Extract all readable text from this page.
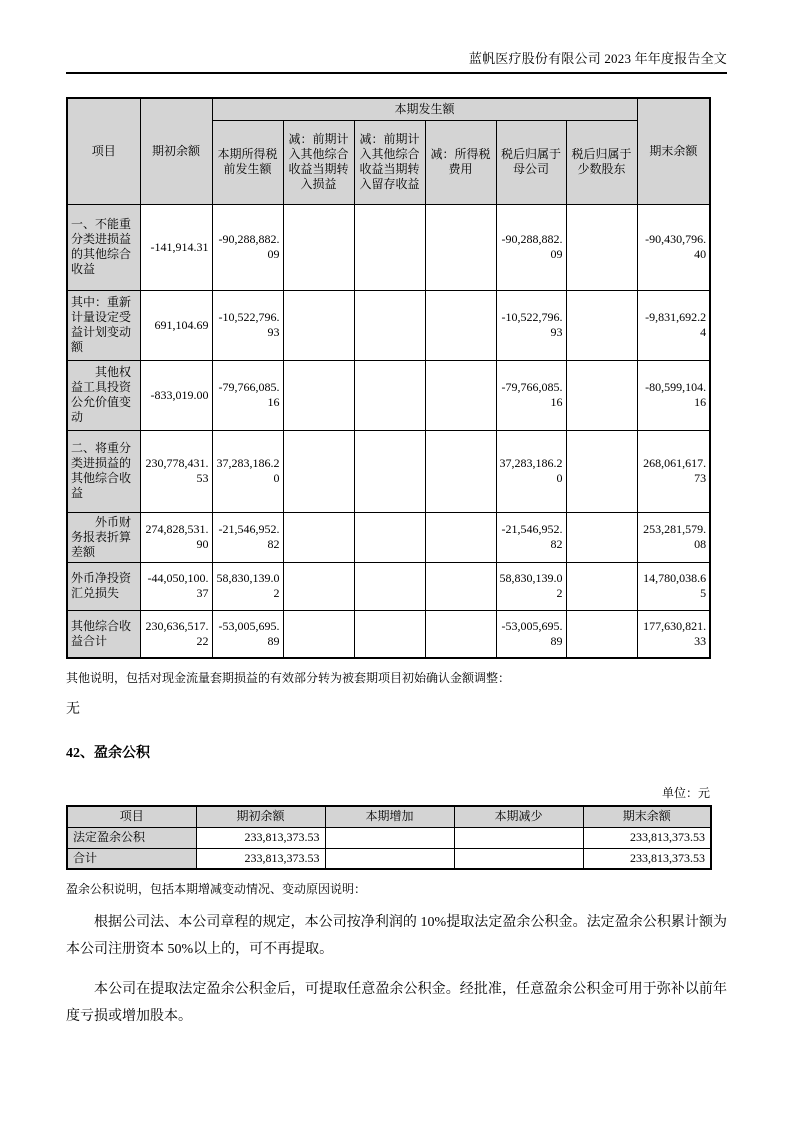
蓝帆医疗股份有限公司 2023 年年度报告全文
项目	期初余额	本期发生额						期末余额
		本期所得税前发生额	减：前期计入其他综合收益当期转入损益	减：前期计入其他综合收益当期转入留存收益	减：所得税费用	税后归属于母公司	税后归属于少数股东	
一、不能重分类进损益的其他综合收益	-141,914.31	-90,288,882.09				-90,288,882.09		-90,430,796.40
其中：重新计量设定受益计划变动额	691,104.69	-10,522,796.93				-10,522,796.93		-9,831,692.24
　　其他权益工具投资公允价值变动	-833,019.00	-79,766,085.16				-79,766,085.16		-80,599,104.16
二、将重分类进损益的其他综合收益	230,778,431.53	37,283,186.20				37,283,186.20		268,061,617.73
　　外币财务报表折算差额	274,828,531.90	-21,546,952.82				-21,546,952.82		253,281,579.08
外币净投资汇兑损失	-44,050,100.37	58,830,139.02				58,830,139.02		14,780,038.65
其他综合收益合计	230,636,517.22	-53,005,695.89				-53,005,695.89		177,630,821.33

其他说明，包括对现金流量套期损益的有效部分转为被套期项目初始确认金额调整：

无

42、盈余公积
单位：元
项目	期初余额	本期增加	本期减少	期末余额
法定盈余公积	233,813,373.53			233,813,373.53
合计	233,813,373.53			233,813,373.53

盈余公积说明，包括本期增减变动情况、变动原因说明：

根据公司法、本公司章程的规定，本公司按净利润的 10%提取法定盈余公积金。法定盈余公积累计额为本公司注册资本 50%以上的，可不再提取。

本公司在提取法定盈余公积金后，可提取任意盈余公积金。经批准，任意盈余公积金可用于弥补以前年度亏损或增加股本。
